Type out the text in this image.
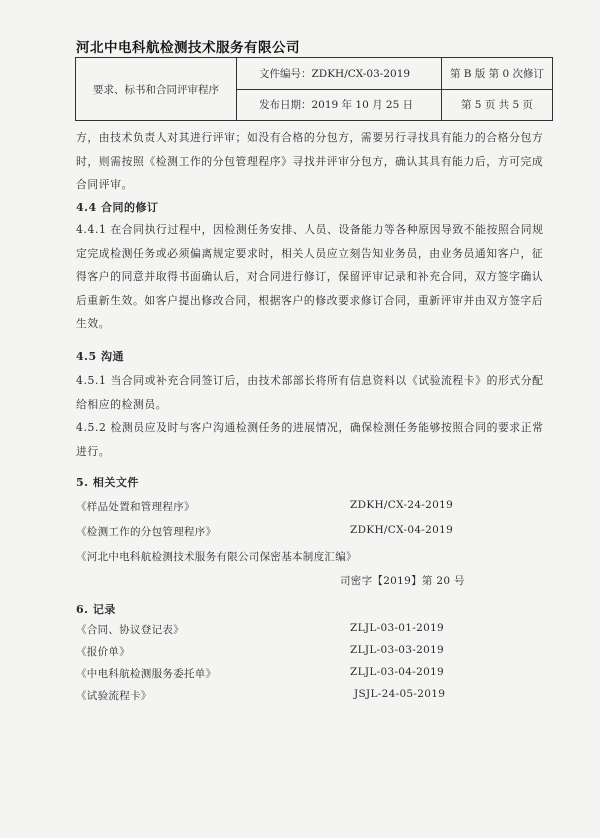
河北中电科航检测技术服务有限公司
要求、标书和合同评审程序	文件编号：ZDKH/CX-03-2019	第 B 版 第 0 次修订
	发布日期：2019 年 10 月 25 日	第 5 页 共 5 页
方，由技术负责人对其进行评审；如没有合格的分包方，需要另行寻找具有能力的合格分包方时，则需按照《检测工作的分包管理程序》寻找并评审分包方，确认其具有能力后，方可完成合同评审。
4.4 合同的修订
4.4.1 在合同执行过程中，因检测任务安排、人员、设备能力等各种原因导致不能按照合同规定完成检测任务或必须偏离规定要求时，相关人员应立刻告知业务员，由业务员通知客户，征得客户的同意并取得书面确认后，对合同进行修订，保留评审记录和补充合同，双方签字确认后重新生效。如客户提出修改合同，根据客户的修改要求修订合同，重新评审并由双方签字后生效。
4.5 沟通
4.5.1 当合同或补充合同签订后，由技术部部长将所有信息资料以《试验流程卡》的形式分配给相应的检测员。
4.5.2 检测员应及时与客户沟通检测任务的进展情况，确保检测任务能够按照合同的要求正常进行。
5. 相关文件
《样品处置和管理程序》	ZDKH/CX-24-2019
《检测工作的分包管理程序》	ZDKH/CX-04-2019
《河北中电科航检测技术服务有限公司保密基本制度汇编》
司密字【2019】第 20 号
6. 记录
《合同、协议登记表》	ZLJL-03-01-2019
《报价单》	ZLJL-03-03-2019
《中电科航检测服务委托单》	ZLJL-03-04-2019
《试验流程卡》	JSJL-24-05-2019
